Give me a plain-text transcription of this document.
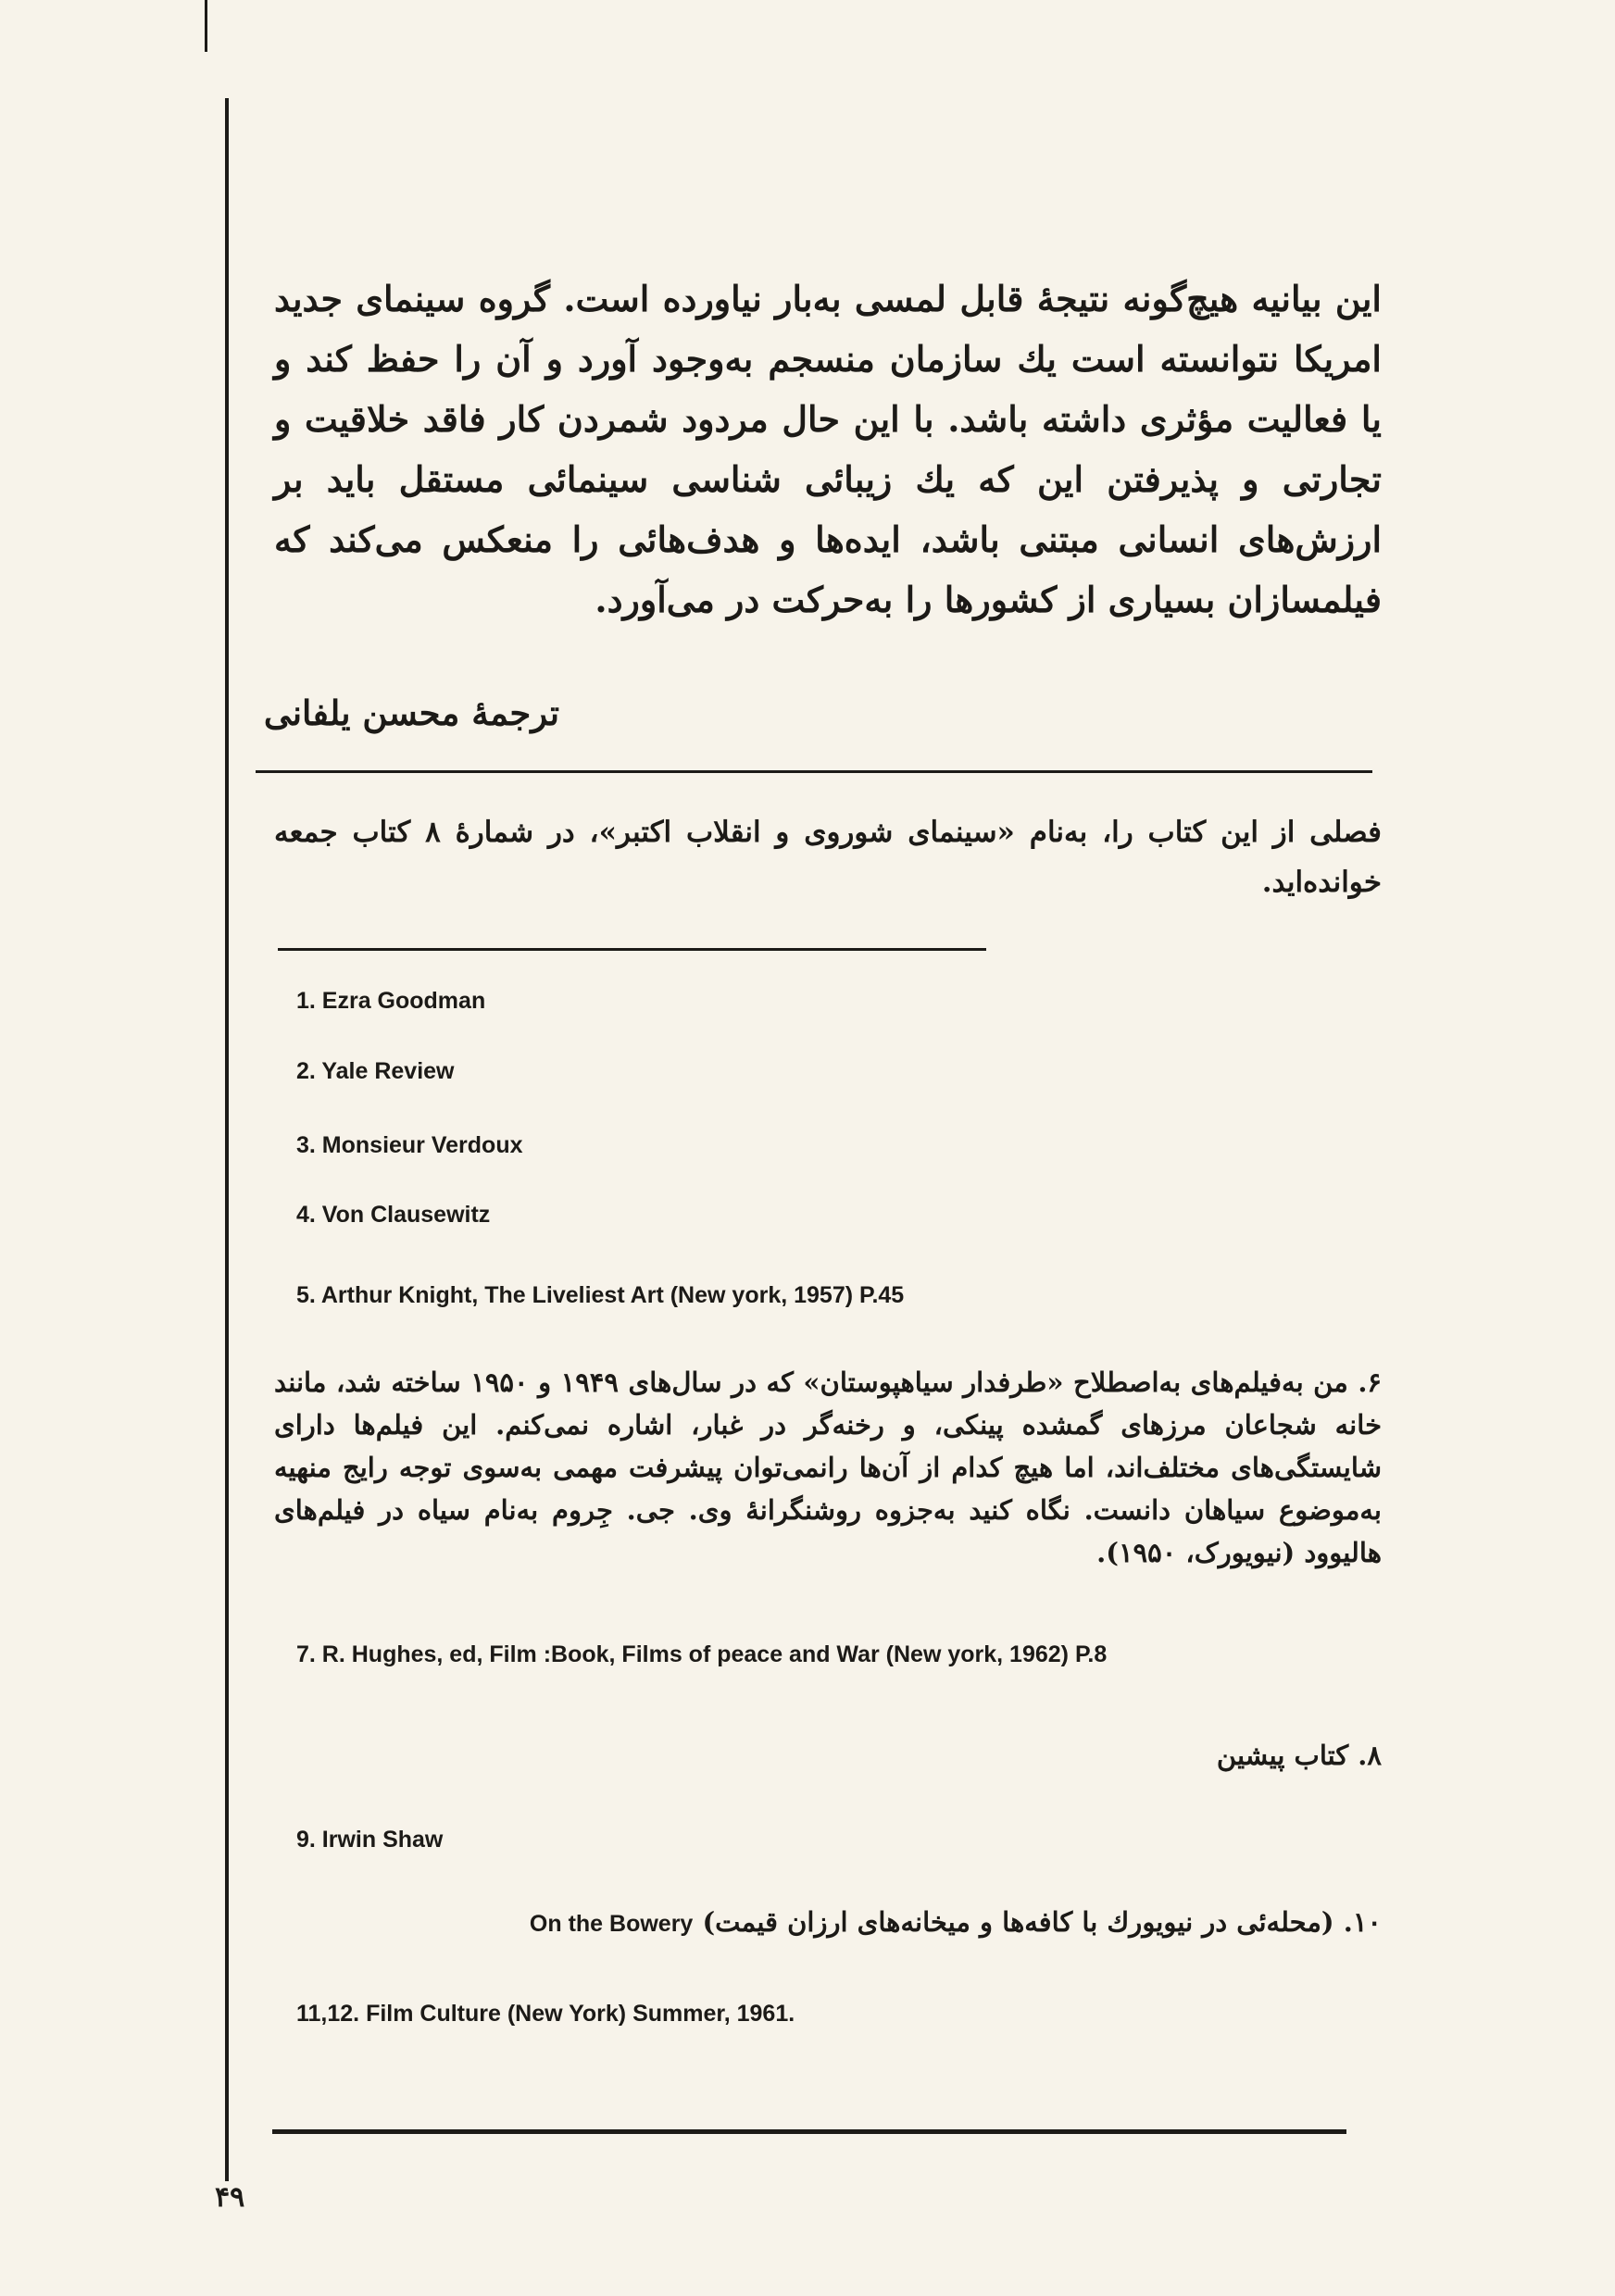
این بیانیه هیچ‌گونه نتیجهٔ قابل لمسی به‌بار نیاورده است. گروه سینمای جدید امریکا نتوانسته است یك سازمان منسجم به‌وجود آورد و آن را حفظ کند و یا فعالیت مؤثری داشته باشد. با این حال مردود شمردن کار فاقد خلاقیت و تجارتی و پذیرفتن این که یك زیبائی شناسی سینمائی مستقل باید بر ارزش‌های انسانی مبتنی باشد، ایده‌ها و هدف‌هائی را منعکس می‌کند که فیلمسازان بسیاری از کشورها را به‌حرکت در می‌آورد.

ترجمهٔ محسن یلفانی

فصلی از این کتاب را، به‌نام «سینمای شوروی و انقلاب اکتبر»، در شمارهٔ ۸ کتاب جمعه خوانده‌اید.

1. Ezra Goodman

2. Yale Review

3. Monsieur Verdoux

4. Von Clausewitz

5. Arthur Knight, The Liveliest Art (New york, 1957) P.45

۶. من به‌فیلم‌های به‌اصطلاح «طرفدار سیاهپوستان» که در سال‌های ۱۹۴۹ و ۱۹۵۰ ساخته شد، مانند خانه شجاعان مرزهای گمشده پینکی، و رخنه‌گر در غبار، اشاره نمی‌کنم. این فیلم‌ها دارای شایستگی‌های مختلف‌اند، اما هیچ کدام از آن‌ها رانمی‌توان پیشرفت مهمی به‌سوی توجه رایج منهیه به‌موضوع سیاهان دانست. نگاه کنید به‌جزوه روشنگرانهٔ وی. جی. جِروم به‌نام سیاه در فیلم‌های هالیوود (نیویورک، ۱۹۵۰).

7. R. Hughes, ed, Film :Book, Films of peace and War (New york, 1962) P.8

۸. کتاب پیشین

9. Irwin Shaw

۱۰. (محله‌ئی در نیویورك با کافه‌ها و میخانه‌های ارزان قیمت) On the Bowery

11,12. Film Culture (New York) Summer, 1961.

۴۹
